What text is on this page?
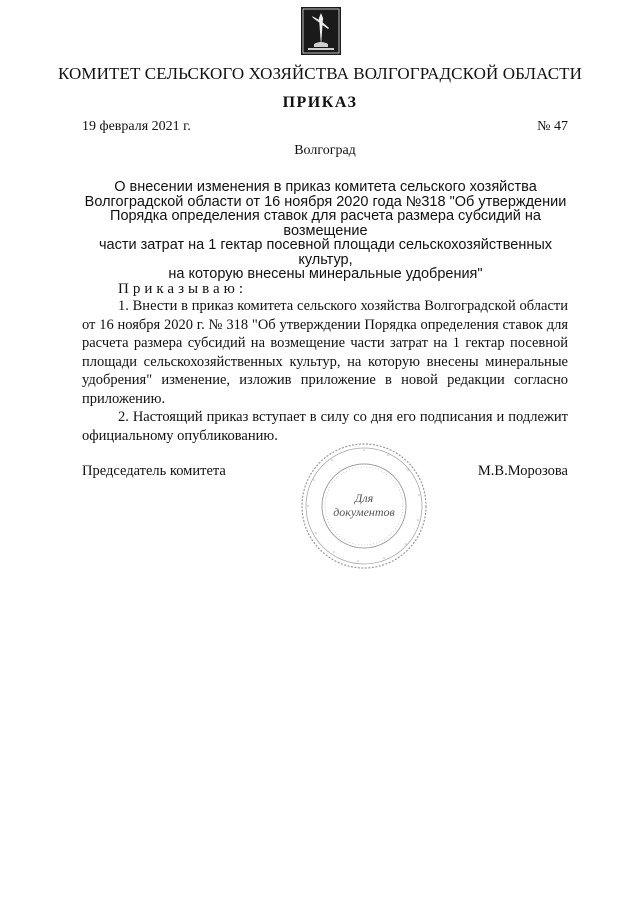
КОМИТЕТ СЕЛЬСКОГО ХОЗЯЙСТВА ВОЛГОГРАДСКОЙ ОБЛАСТИ
ПРИКАЗ
19 февраля 2021 г.	№ 47
Волгоград
О внесении изменения в приказ комитета сельского хозяйства
Волгоградской области от 16 ноября 2020 года №318 "Об утверждении
Порядка определения ставок для расчета размера субсидий на возмещение
части затрат на 1 гектар посевной площади сельскохозяйственных культур,
на которую внесены минеральные удобрения"
Приказываю:

1. Внести в приказ комитета сельского хозяйства Волгоградской области от 16 ноября 2020 г. № 318 "Об утверждении Порядка определения ставок для расчета размера субсидий на возмещение части затрат на 1 гектар посевной площади сельскохозяйственных культур, на которую внесены минеральные удобрения" изменение, изложив приложение в новой редакции согласно приложению.

2. Настоящий приказ вступает в силу со дня его подписания и подлежит официальному опубликованию.

Председатель комитета	М.В.Морозова
Для
документов
